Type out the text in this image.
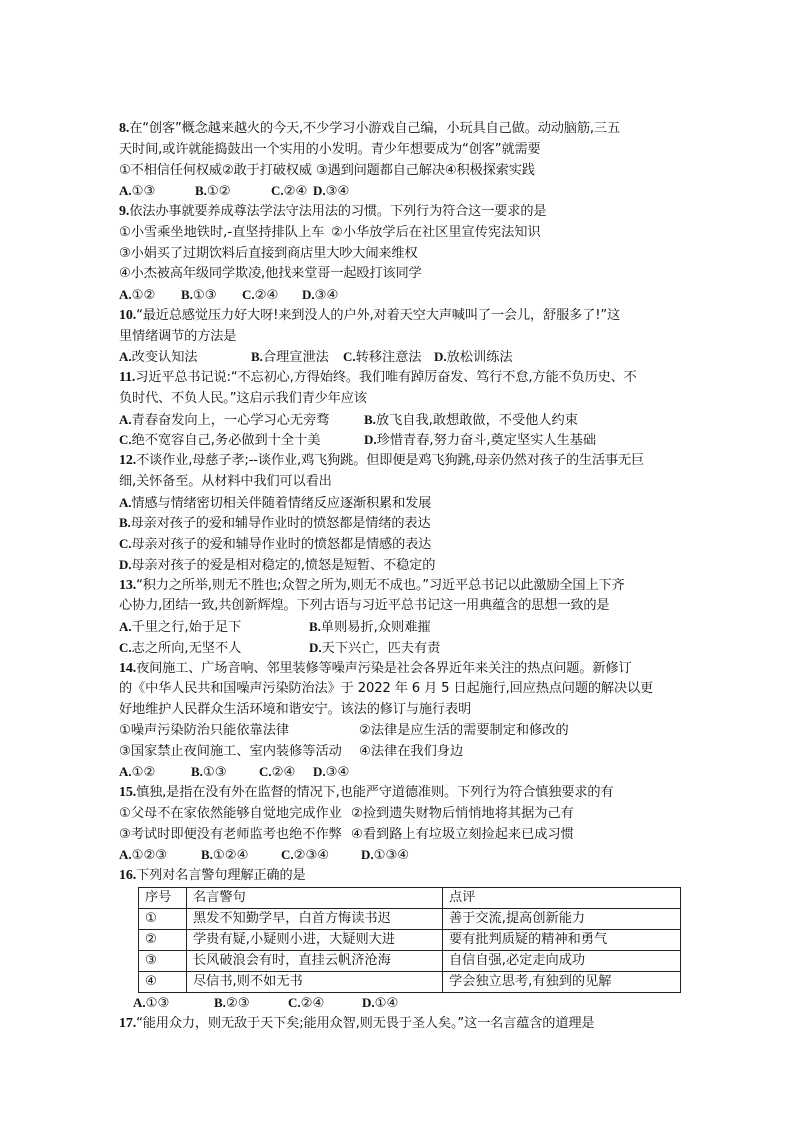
8.在“创客”概念越来越火的今天,不少学习小游戏自己编，小玩具自己做。动动脑筋,三五
天时间,或许就能捣鼓出一个实用的小发明。青少年想要成为“创客”就需要
①不相信任何权威②敢于打破权威 ③遇到问题都自己解决④积极探索实践
A.①③	B.①②	C.②④ D.③④
9.依法办事就要养成尊法学法守法用法的习惯。下列行为符合这一要求的是
①小雪乘坐地铁时,-直坚持排队上车 ②小华放学后在社区里宣传宪法知识
③小娟买了过期饮料后直接到商店里大吵大闹来维权
④小杰被高年级同学欺凌,他找来堂哥一起殴打该同学
A.①②	B.①③	C.②④	D.③④
10.“最近总感觉压力好大呀!来到没人的户外,对着天空大声喊叫了一会儿，舒服多了!”这
里情绪调节的方法是
A.改变认知法	B.合理宣泄法	C.转移注意法 D.放松训练法
11.习近平总书记说:“不忘初心,方得始终。我们唯有踔厉奋发、笃行不怠,方能不负历史、不
负时代、不负人民。”这启示我们青少年应该
A.青春奋发向上，一心学习心无旁骛	B.放飞自我,敢想敢做，不受他人约束
C.绝不宽容自己,务必做到十全十美	D.珍惜青春,努力奋斗,奠定坚实人生基础
12.不谈作业,母慈子孝;--谈作业,鸡飞狗跳。但即便是鸡飞狗跳,母亲仍然对孩子的生活事无巨
细,关怀备至。从材料中我们可以看出
A.情感与情绪密切相关伴随着情绪反应逐渐积累和发展
B.母亲对孩子的爱和辅导作业时的愤怒都是情绪的表达
C.母亲对孩子的爱和辅导作业时的愤怒都是情感的表达
D.母亲对孩子的爱是相对稳定的,愤怒是短暂、不稳定的
13.“积力之所举,则无不胜也;众智之所为,则无不成也。”习近平总书记以此激励全国上下齐
心协力,团结一致,共创新辉煌。下列古语与习近平总书记这一用典蕴含的思想一致的是
A.千里之行,始于足下	B.单则易折,众则难摧
C.志之所向,无坚不人	D.天下兴亡，匹夫有责
14.夜间施工、广场音响、邻里装修等噪声污染是社会各界近年来关注的热点问题。新修订
的《中华人民共和国噪声污染防治法》于 2022 年 6 月 5 日起施行,回应热点问题的解决以更
好地维护人民群众生活环境和谐安宁。该法的修订与施行表明
①噪声污染防治只能依靠法律	②法律是应生活的需要制定和修改的
③国家禁止夜间施工、室内装修等活动	④法律在我们身边
A.①②	B.①③	C.②④	D.③④
15.慎独,是指在没有外在监督的情况下,也能严守道德准则。下列行为符合慎独要求的有
①父母不在家依然能够自觉地完成作业 ②捡到遗失财物后悄悄地将其据为己有
③考试时即便没有老师监考也绝不作弊 ④看到路上有垃圾立刻捡起来已成习惯
A.①②③	B.①②④	C.②③④	D.①③④
16.下列对名言警句理解正确的是
序号	名言警句	点评
①	黑发不知勤学早，白首方悔读书迟	善于交流,提高创新能力
②	学贵有疑,小疑则小进，大疑则大进	要有批判质疑的精神和勇气
③	长风破浪会有时，直挂云帆济沧海	自信自强,必定走向成功
④	尽信书,则不如无书	学会独立思考,有独到的见解
A.①③	B.②③	C.②④	D.①④
17.“能用众力，则无敌于天下矣;能用众智,则无畏于圣人矣。”这一名言蕴含的道理是
